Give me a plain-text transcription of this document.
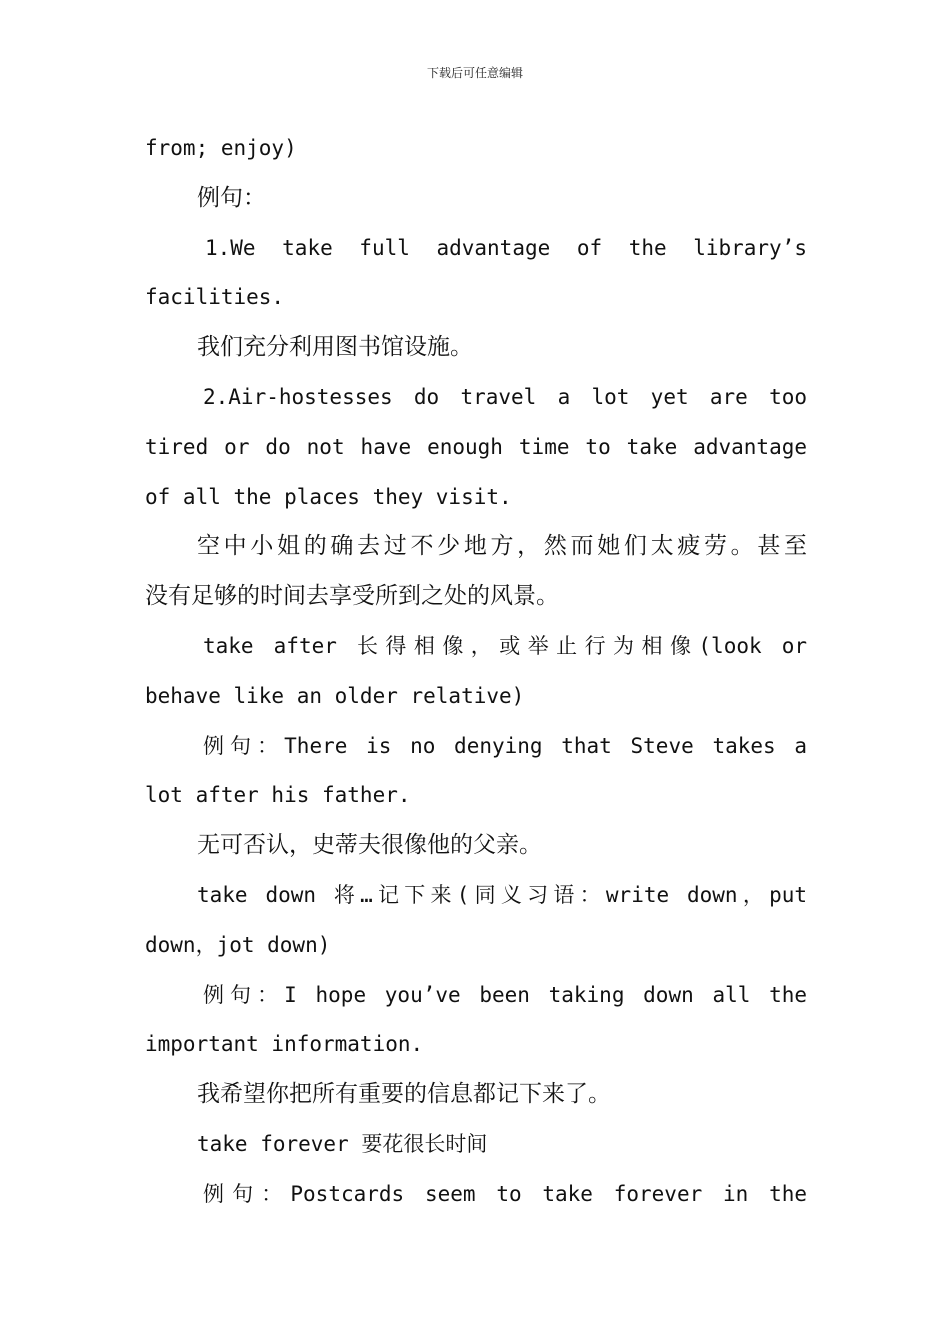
下载后可任意编辑

from; enjoy)

例句：

1.We take full advantage of the library’s

facilities.

我们充分利用图书馆设施。

2.Air-hostesses do travel a lot yet are too

tired or do not have enough time to take advantage

of all the places they visit.

空中小姐的确去过不少地方，然而她们太疲劳。甚至

没有足够的时间去享受所到之处的风景。

take after 长得相像，或举止行为相像(look or

behave like an older relative)

例句：There is no denying that Steve takes a

lot after his father.

无可否认，史蒂夫很像他的父亲。

take down 将…记下来(同义习语：write down，put

down，jot down)

例句：I hope you’ve been taking down all the

important information.

我希望你把所有重要的信息都记下来了。

take forever 要花很长时间

例句：Postcards seem to take forever in the
